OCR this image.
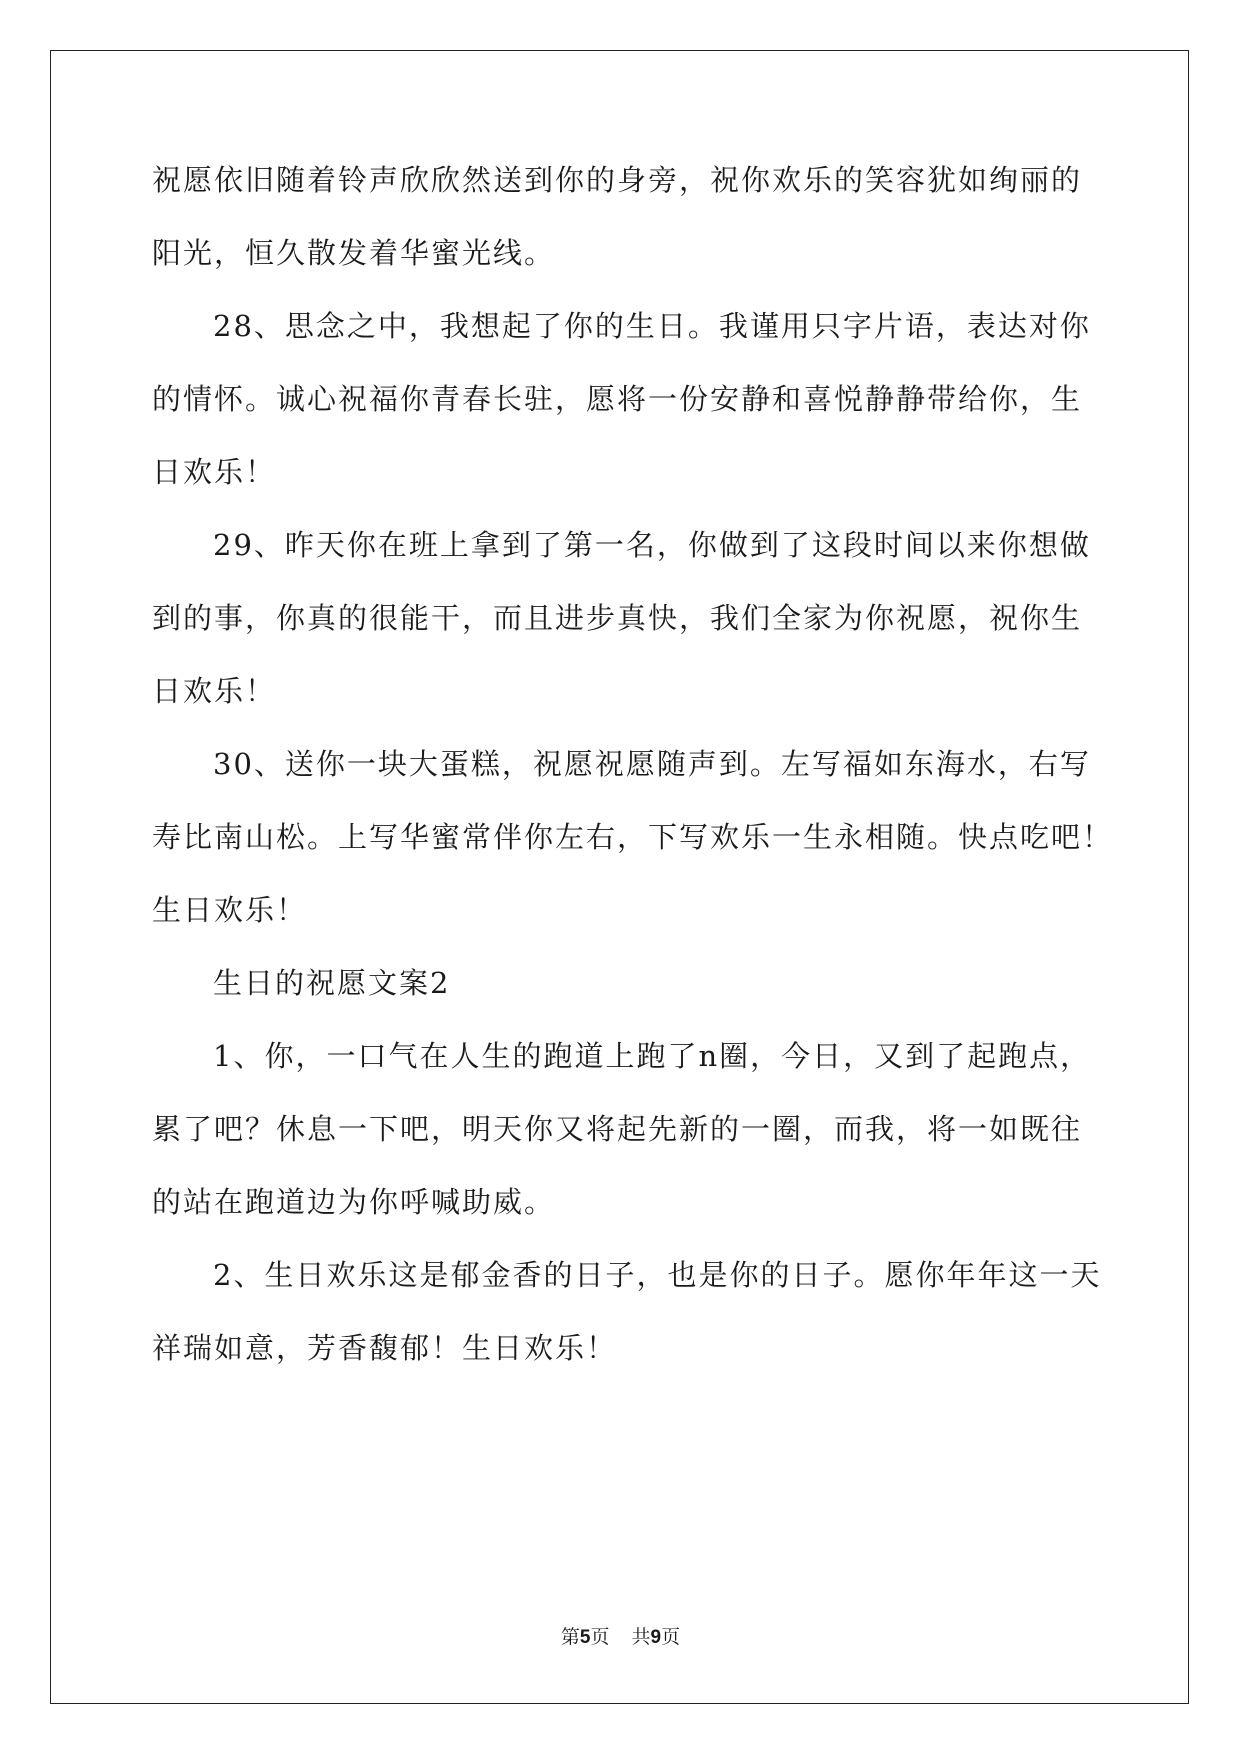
祝愿依旧随着铃声欣欣然送到你的身旁，祝你欢乐的笑容犹如绚丽的
阳光，恒久散发着华蜜光线。
28、思念之中，我想起了你的生日。我谨用只字片语，表达对你
的情怀。诚心祝福你青春长驻，愿将一份安静和喜悦静静带给你，生
日欢乐！
29、昨天你在班上拿到了第一名，你做到了这段时间以来你想做
到的事，你真的很能干，而且进步真快，我们全家为你祝愿，祝你生
日欢乐！
30、送你一块大蛋糕，祝愿祝愿随声到。左写福如东海水，右写
寿比南山松。上写华蜜常伴你左右，下写欢乐一生永相随。快点吃吧！
生日欢乐！
生日的祝愿文案2
1、你，一口气在人生的跑道上跑了n圈，今日，又到了起跑点，
累了吧？休息一下吧，明天你又将起先新的一圈，而我，将一如既往
的站在跑道边为你呼喊助威。
2、生日欢乐这是郁金香的日子，也是你的日子。愿你年年这一天
祥瑞如意，芳香馥郁！生日欢乐！
第5页 共9页
